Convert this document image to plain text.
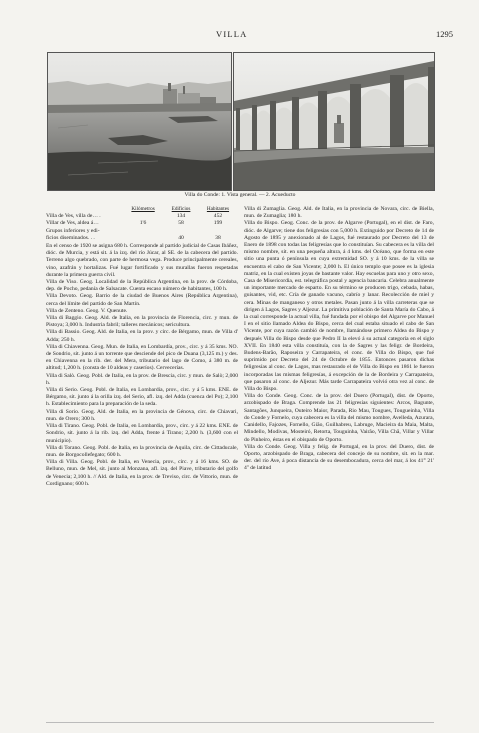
VILLA	1295
Villa do Conde: 1. Vista general. — 2. Acueducto
	Kilómetros	Edificios	Habitantes
Villa de Ves, villa de… .		134	452
Villar de Ves, aldea á…	1'6	58	199
Grupos inferiores y edi-			
ficios diseminados. . .		40	38

En el censo de 1920 se asigna 680 h. Corresponde al partido judicial de Casas Ibáñez, dióc. de Murcia, y está sit. á la izq. del río Júcar, al SE. de la cabecera del partido. Terreno algo quebrado, con parte de hermosa vega. Produce principalmente cereales, vino, azafrán y hortalizas. Fué lugar fortificado y sus murallas fueron respetadas durante la primera guerra civil.

Villa de Viso. Geog. Localidad de la República Argentina, en la prov. de Córdoba, dep. de Pocho, pedanía de Salsacate. Cuenta escaso número de habitantes, 100 h.

Villa Devoto. Geog. Barrio de la ciudad de Buenos Aires (República Argentina), cerca del límite del partido de San Martín.

Villa de Zenteno. Geog. V. Quenute.

Villa di Baggio. Geog. Ald. de Italia, en la provincia de Florencia, circ. y mun. de Pistoya; 3,000 h. Industria fabril; talleres mecánicos; sericultura.

Villa di Bassio. Geog. Ald. de Italia, en la prov. y circ. de Bérgamo, mun. de Villa d' Adda; 250 h.

Villa di Chiavenna. Geog. Mun. de Italia, en Lombardía, prov., circ. y á 35 kms. NO. de Sondrio, sit. junto á un torrente que desciende del pico de Duana (3,125 m.) y des. en Chiavenna en la rib. der. del Mera, tributario del lago de Como, á 380 m. de altitud; 1,200 h. (consta de 10 aldeas y caseríos). Cervecerías.

Villa di Salò. Geog. Pobl. de Italia, en la prov. de Brescia, circ. y mun. de Salò; 2,000 h.

Villa di Serio. Geog. Pobl. de Italia, en Lombardía, prov., circ. y á 5 kms. ENE. de Bérgamo, sit. junto á la orilla izq. del Serio, afl. izq. del Adda (cuenca del Po); 2,100 h. Establecimiento para la preparación de la seda.

Villa di Sorio. Geog. Ald. de Italia, en la provincia de Génova, circ. de Chiavari, mun. de Orero; 300 h.

Villa di Tirano. Geog. Pobl. de Italia, en Lombardía, prov., circ. y á 22 kms. ENE. de Sondrio, sit. junto á la rib. izq. del Adda, frente á Tirano; 2,200 h. (3,600 con el municipio).

Villa di Torano. Geog. Pobl. de Italia, en la provincia de Aquila, circ. de Cittaducale, mun. de Borgocollefegato; 600 h.

Villa di Villa. Geog. Pobl. de Italia, en Venecia, prov., circ. y á 16 kms. SO. de Belluno, mun. de Mel, sit. junto al Monzana, afl. izq. del Piave, tributario del golfo de Venecia; 2,100 h. // Ald. de Italia, en la prov. de Treviso, circ. de Vittorio, mun. de Cordignano; 600 h.

Villa di Zumaglia. Geog. Ald. de Italia, en la provincia de Novara, circ. de Biella, mun. de Zumaglia; 180 h.

Villa do Bispo. Geog. Conc. de la prov. de Algarve (Portugal), en el dist. de Faro, dióc. de Algarve; tiene dos feligresías con 5,000 h. Extinguido por Decreto de 14 de Agosto de 1895 y anexionado al de Lagos, fué restaurado por Decreto del 13 de Enero de 1898 con todas las feligresías que lo constituían. Su cabecera es la villa del mismo nombre, sit. en una pequeña altura, á 4 kms. del Océano, que forma en este sitio una punta ó península en cuya extremidad SO. y á 10 kms. de la villa se encuentra el cabo de San Vicente; 2,000 h. El único templo que posee es la iglesia matriz, en la cual existen joyas de bastante valor. Hay escuelas para uno y otro sexo, Casa de Misericordia, est. telegráfica postal y agencia bancaria. Celebra anualmente un importante mercado de esparto. En su término se producen trigo, cebada, habas, guisantes, vid, etc. Cría de ganado vacuno, cabrío y lanar. Recolección de miel y cera. Minas de manganeso y otros metales. Pasan junto á la villa carreteras que se dirigen á Lagos, Sagres y Aljezur. La primitiva población de Santa María do Cabo, á la cual corresponde la actual villa, fué fundada por el obispo del Algarve por Manuel I en el sitio llamado Aldea do Bispo, cerca del cual estaba situado el cabo de San Vicente, por cuya razón cambió de nombre, llamándose primero Aldea do Bispo y después Villa do Bispo desde que Pedro II la elevó á su actual categoría en el siglo XVII. En 1840 esta villa constituía, con la de Sagres y las feligr. de Bordeira, Budens-Barão, Raposeira y Carrapateira, el conc. de Villa do Bispo, que fué suprimido por Decreto del 24 de Octubre de 1855. Entonces pasaron dichas feligresías al conc. de Lagos, mas restaurado el de Villa do Bispo en 1861 le fueron incorporadas las mismas feligresías, á excepción de la de Bordeira y Carrapateira, que pasaron al conc. de Aljezur. Más tarde Carrapateira volvió otra vez al conc. de Villa do Bispo.

Villa do Conde. Geog. Conc. de la prov. del Duero (Portugal), dist. de Oporto, arzobispado de Braga. Comprende las 21 feligresías siguientes: Arcos, Bagunte, Santagões, Junqueira, Outeiro Maior, Parada, Rio Mau, Tougues, Tougueinha, Villa do Conde y Fornelo, cuya cabecera es la villa del mismo nombre, Avelleda, Azurara, Canidello, Fajozes, Fornello, Gião, Guilhabreu, Labruge, Macieira da Maia, Malta, Mindello, Modivas, Mosteiró, Retorta, Touguinha, Vairão, Villa Chã, Villar y Villar do Pinheiro, éstas en el obispado de Oporto.

Villa do Conde. Geog. Villa y felig. de Portugal, en la prov. del Duero, dist. de Oporto, arzobispado de Braga, cabecera del concejo de su nombre, sit. en la mar. der. del río Ave, á poca distancia de su desembocadura, cerca del mar, á los 41° 21' 4'' de latitud
